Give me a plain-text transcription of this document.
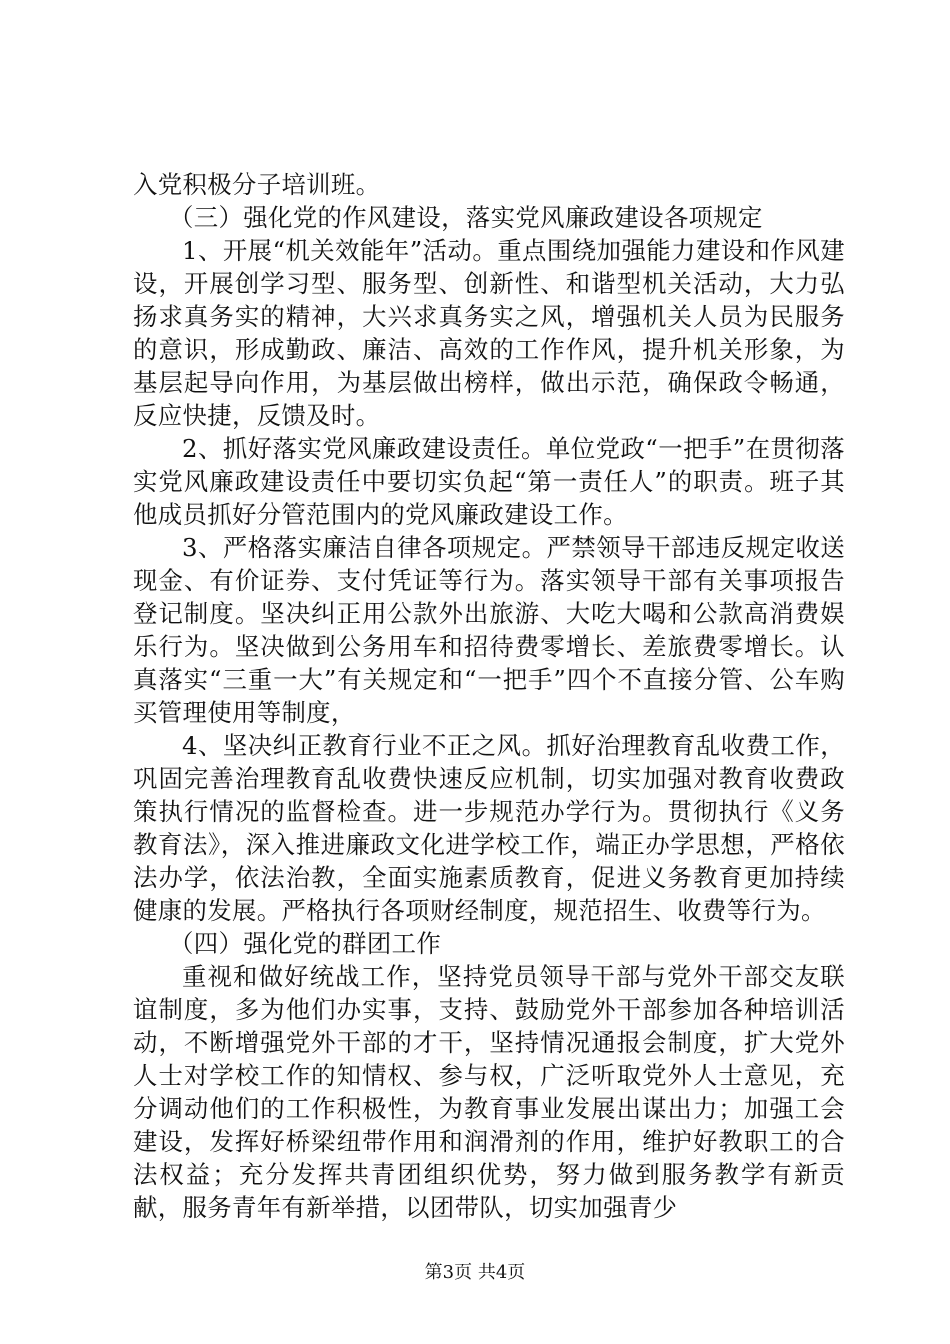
入党积极分子培训班。

（三）强化党的作风建设，落实党风廉政建设各项规定

1、开展“机关效能年”活动。重点围绕加强能力建设和作风建设，开展创学习型、服务型、创新性、和谐型机关活动，大力弘扬求真务实的精神，大兴求真务实之风，增强机关人员为民服务的意识，形成勤政、廉洁、高效的工作作风，提升机关形象，为基层起导向作用，为基层做出榜样，做出示范，确保政令畅通，反应快捷，反馈及时。

2、抓好落实党风廉政建设责任。单位党政“一把手”在贯彻落实党风廉政建设责任中要切实负起“第一责任人”的职责。班子其他成员抓好分管范围内的党风廉政建设工作。

3、严格落实廉洁自律各项规定。严禁领导干部违反规定收送现金、有价证券、支付凭证等行为。落实领导干部有关事项报告登记制度。坚决纠正用公款外出旅游、大吃大喝和公款高消费娱乐行为。坚决做到公务用车和招待费零增长、差旅费零增长。认真落实“三重一大”有关规定和“一把手”四个不直接分管、公车购买管理使用等制度，

4、坚决纠正教育行业不正之风。抓好治理教育乱收费工作，巩固完善治理教育乱收费快速反应机制，切实加强对教育收费政策执行情况的监督检查。进一步规范办学行为。贯彻执行《义务教育法》，深入推进廉政文化进学校工作，端正办学思想，严格依法办学，依法治教，全面实施素质教育，促进义务教育更加持续健康的发展。严格执行各项财经制度，规范招生、收费等行为。

（四）强化党的群团工作

重视和做好统战工作，坚持党员领导干部与党外干部交友联谊制度，多为他们办实事，支持、鼓励党外干部参加各种培训活动，不断增强党外干部的才干，坚持情况通报会制度，扩大党外人士对学校工作的知情权、参与权，广泛听取党外人士意见，充分调动他们的工作积极性，为教育事业发展出谋出力；加强工会建设，发挥好桥梁纽带作用和润滑剂的作用，维护好教职工的合法权益；充分发挥共青团组织优势，努力做到服务教学有新贡献，服务青年有新举措，以团带队，切实加强青少

第3页 共4页
